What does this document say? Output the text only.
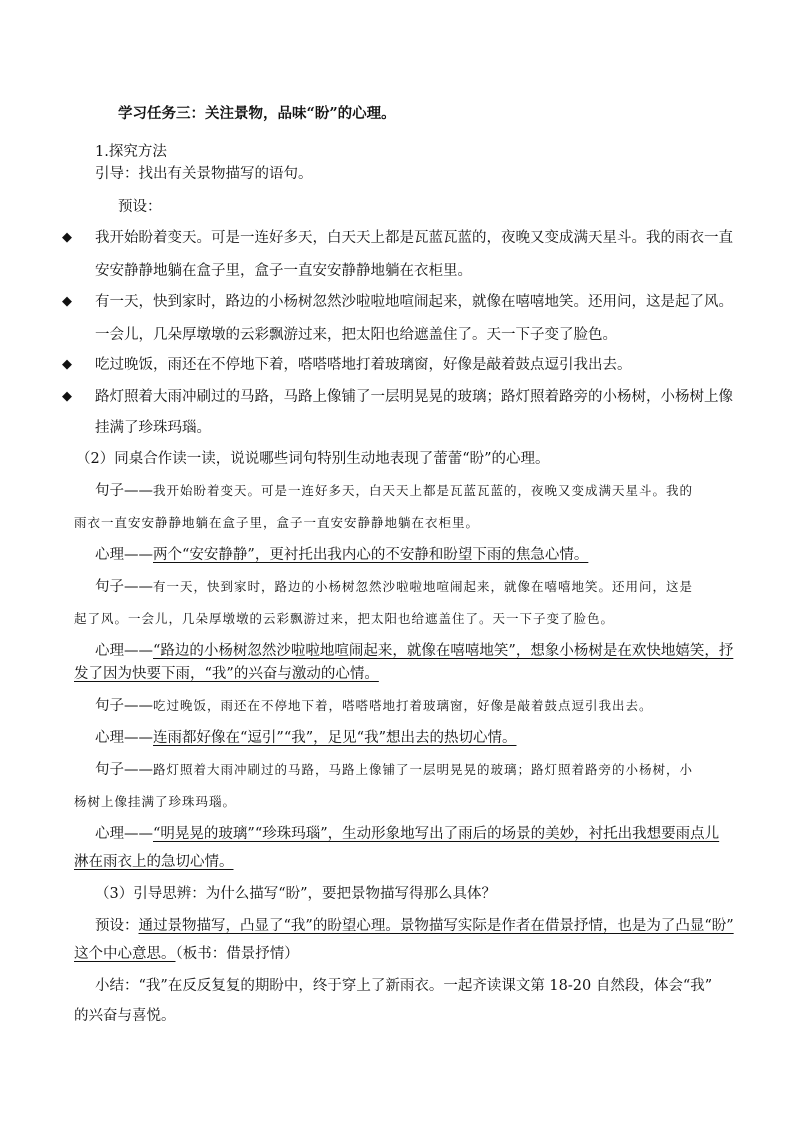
学习任务三：关注景物，品味“盼”的心理。
1.探究方法
引导：找出有关景物描写的语句。
预设：
◆ 我开始盼着变天。可是一连好多天，白天天上都是瓦蓝瓦蓝的，夜晚又变成满天星斗。我的雨衣一直
安安静静地躺在盒子里，盒子一直安安静静地躺在衣柜里。
◆ 有一天，快到家时，路边的小杨树忽然沙啦啦地喧闹起来，就像在嘻嘻地笑。还用问，这是起了风。
一会儿，几朵厚墩墩的云彩飘游过来，把太阳也给遮盖住了。天一下子变了脸色。
◆ 吃过晚饭，雨还在不停地下着，嗒嗒嗒地打着玻璃窗，好像是敲着鼓点逗引我出去。
◆ 路灯照着大雨冲刷过的马路，马路上像铺了一层明晃晃的玻璃；路灯照着路旁的小杨树，小杨树上像
挂满了珍珠玛瑙。
（2）同桌合作读一读，说说哪些词句特别生动地表现了蕾蕾“盼”的心理。
句子——我开始盼着变天。可是一连好多天，白天天上都是瓦蓝瓦蓝的，夜晚又变成满天星斗。我的
雨衣一直安安静静地躺在盒子里，盒子一直安安静静地躺在衣柜里。
心理——两个“安安静静”，更衬托出我内心的不安静和盼望下雨的焦急心情。
句子——有一天，快到家时，路边的小杨树忽然沙啦啦地喧闹起来，就像在嘻嘻地笑。还用问，这是
起了风。一会儿，几朵厚墩墩的云彩飘游过来，把太阳也给遮盖住了。天一下子变了脸色。
心理——“路边的小杨树忽然沙啦啦地喧闹起来，就像在嘻嘻地笑”，想象小杨树是在欢快地嬉笑，抒
发了因为快要下雨，“我”的兴奋与激动的心情。
句子——吃过晚饭，雨还在不停地下着，嗒嗒嗒地打着玻璃窗，好像是敲着鼓点逗引我出去。
心理——连雨都好像在“逗引”“我”，足见“我”想出去的热切心情。
句子——路灯照着大雨冲刷过的马路，马路上像铺了一层明晃晃的玻璃；路灯照着路旁的小杨树，小
杨树上像挂满了珍珠玛瑙。
心理——“明晃晃的玻璃”“珍珠玛瑙”，生动形象地写出了雨后的场景的美妙，衬托出我想要雨点儿
淋在雨衣上的急切心情。
（3）引导思辨：为什么描写“盼”，要把景物描写得那么具体？
预设：通过景物描写，凸显了“我”的盼望心理。景物描写实际是作者在借景抒情，也是为了凸显“盼”
这个中心意思。（板书：借景抒情）
小结：“我”在反反复复的期盼中，终于穿上了新雨衣。一起齐读课文第 18-20 自然段，体会“我”
的兴奋与喜悦。
